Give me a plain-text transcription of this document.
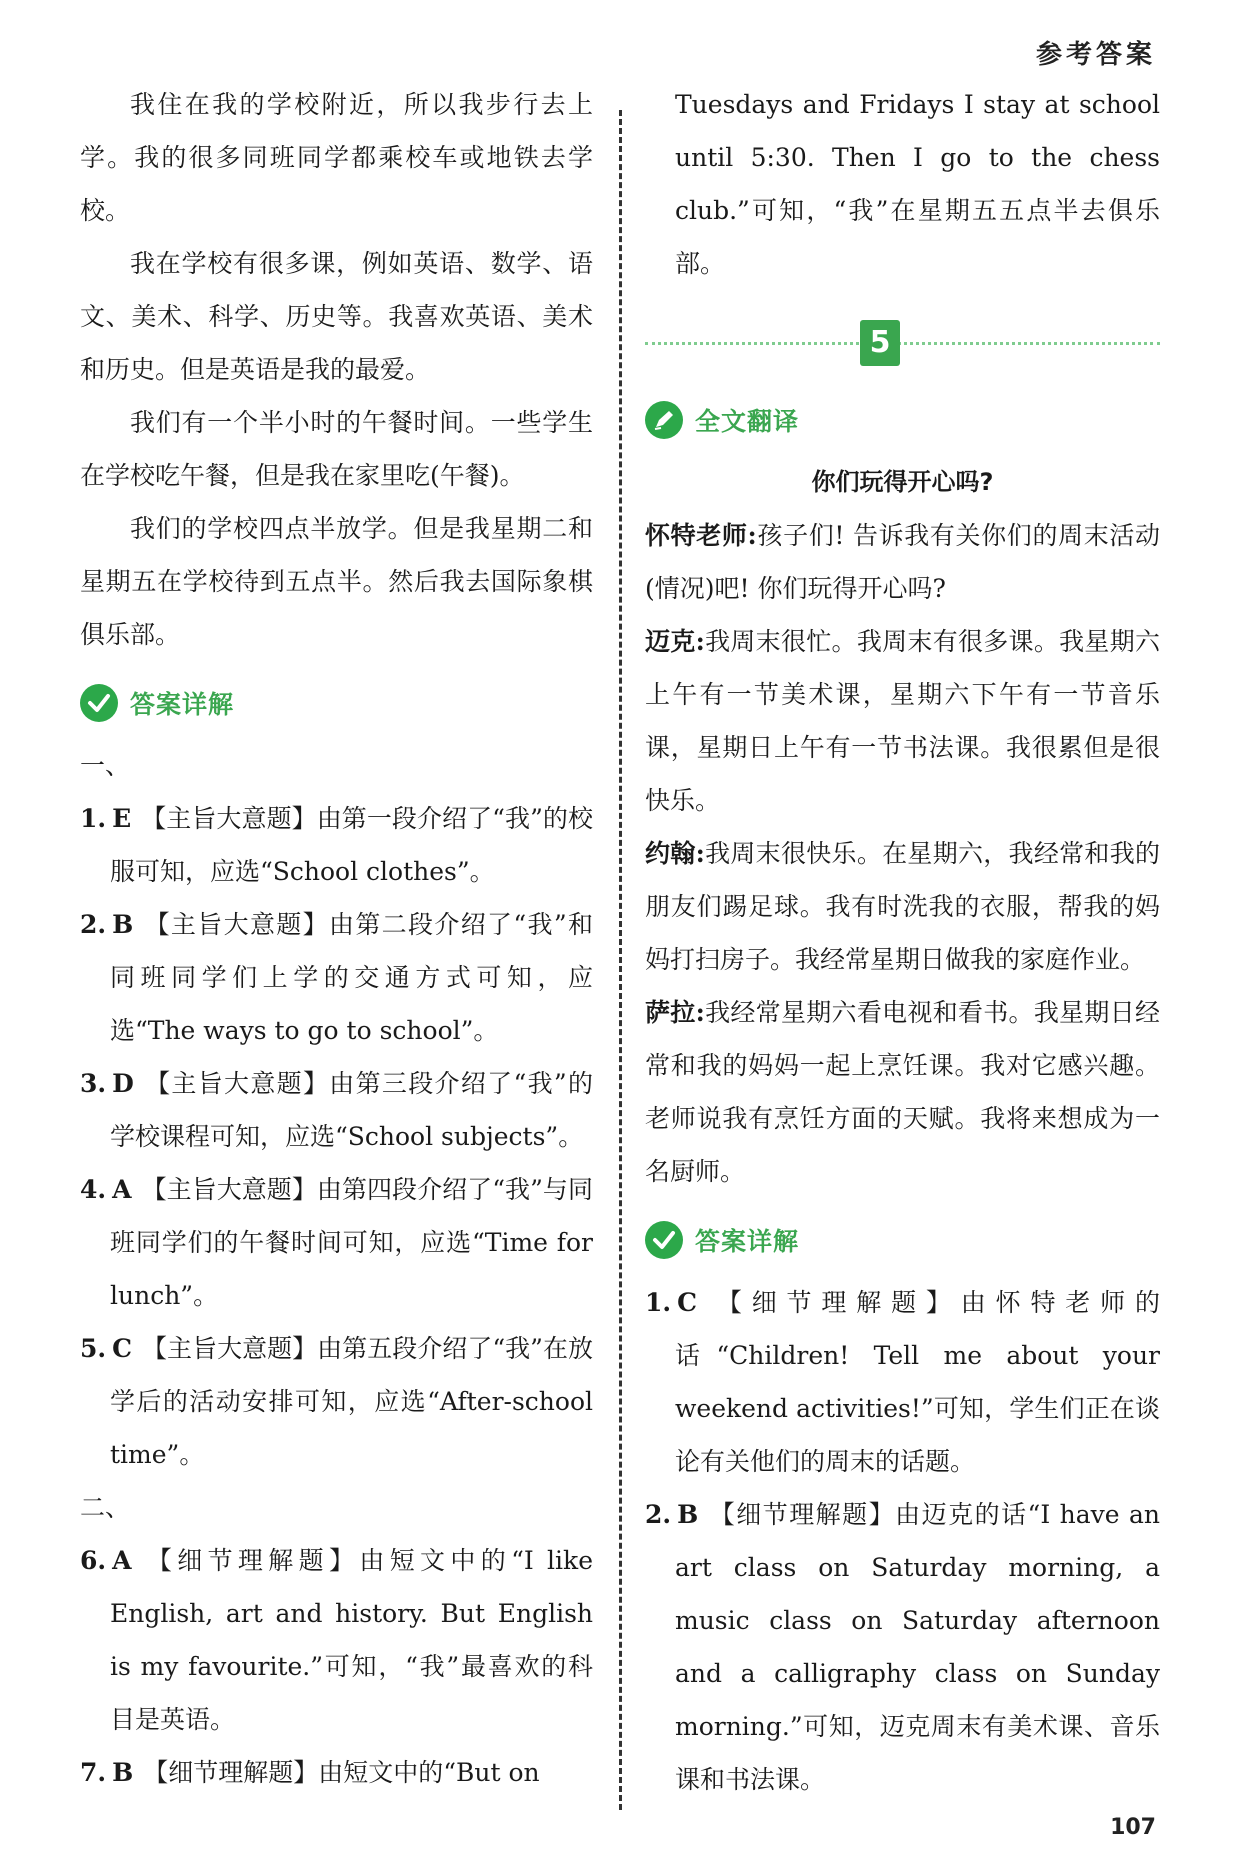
参考答案

我住在我的学校附近，所以我步行去上学。我的很多同班同学都乘校车或地铁去学校。

我在学校有很多课，例如英语、数学、语文、美术、科学、历史等。我喜欢英语、美术和历史。但是英语是我的最爱。

我们有一个半小时的午餐时间。一些学生在学校吃午餐，但是我在家里吃(午餐)。

我们的学校四点半放学。但是我星期二和星期五在学校待到五点半。然后我去国际象棋俱乐部。

答案详解

一、

1. E 【主旨大意题】由第一段介绍了“我”的校服可知，应选“School clothes”。

2. B 【主旨大意题】由第二段介绍了“我”和同班同学们上学的交通方式可知，应选“The ways to go to school”。

3. D 【主旨大意题】由第三段介绍了“我”的学校课程可知，应选“School subjects”。

4. A 【主旨大意题】由第四段介绍了“我”与同班同学们的午餐时间可知，应选“Time for lunch”。

5. C 【主旨大意题】由第五段介绍了“我”在放学后的活动安排可知，应选“After-school time”。

二、

6. A 【细节理解题】由短文中的“I like English, art and history. But English is my favourite.”可知，“我”最喜欢的科目是英语。

7. B 【细节理解题】由短文中的“But on

Tuesdays and Fridays I stay at school until 5:30. Then I go to the chess club.”可知，“我”在星期五五点半去俱乐部。

5
全文翻译

你们玩得开心吗?

怀特老师:孩子们! 告诉我有关你们的周末活动(情况)吧! 你们玩得开心吗?

迈克:我周末很忙。我周末有很多课。我星期六上午有一节美术课，星期六下午有一节音乐课，星期日上午有一节书法课。我很累但是很快乐。

约翰:我周末很快乐。在星期六，我经常和我的朋友们踢足球。我有时洗我的衣服，帮我的妈妈打扫房子。我经常星期日做我的家庭作业。

萨拉:我经常星期六看电视和看书。我星期日经常和我的妈妈一起上烹饪课。我对它感兴趣。老师说我有烹饪方面的天赋。我将来想成为一名厨师。

答案详解

1. C 【细节理解题】由怀特老师的话“Children! Tell me about your weekend activities!”可知，学生们正在谈论有关他们的周末的话题。

2. B 【细节理解题】由迈克的话“I have an art class on Saturday morning, a music class on Saturday afternoon and a calligraphy class on Sunday morning.”可知，迈克周末有美术课、音乐课和书法课。

107
